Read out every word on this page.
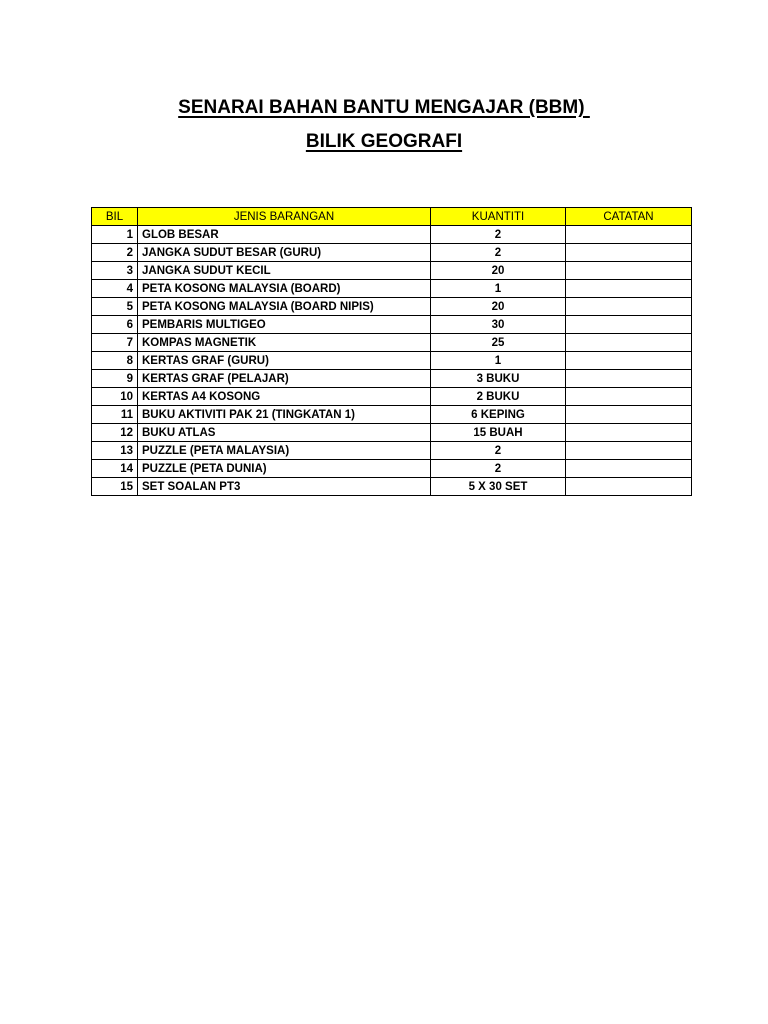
SENARAI BAHAN BANTU MENGAJAR (BBM)
BILIK GEOGRAFI
BIL	JENIS BARANGAN	KUANTITI	CATATAN
1	GLOB BESAR	2	
2	JANGKA SUDUT BESAR (GURU)	2	
3	JANGKA SUDUT KECIL	20	
4	PETA KOSONG MALAYSIA (BOARD)	1	
5	PETA KOSONG MALAYSIA (BOARD NIPIS)	20	
6	PEMBARIS MULTIGEO	30	
7	KOMPAS MAGNETIK	25	
8	KERTAS GRAF (GURU)	1	
9	KERTAS GRAF (PELAJAR)	3 BUKU	
10	KERTAS A4 KOSONG	2 BUKU	
11	BUKU AKTIVITI PAK 21 (TINGKATAN 1)	6 KEPING	
12	BUKU ATLAS	15 BUAH	
13	PUZZLE (PETA MALAYSIA)	2	
14	PUZZLE (PETA DUNIA)	2	
15	SET SOALAN PT3	5 X 30 SET	
